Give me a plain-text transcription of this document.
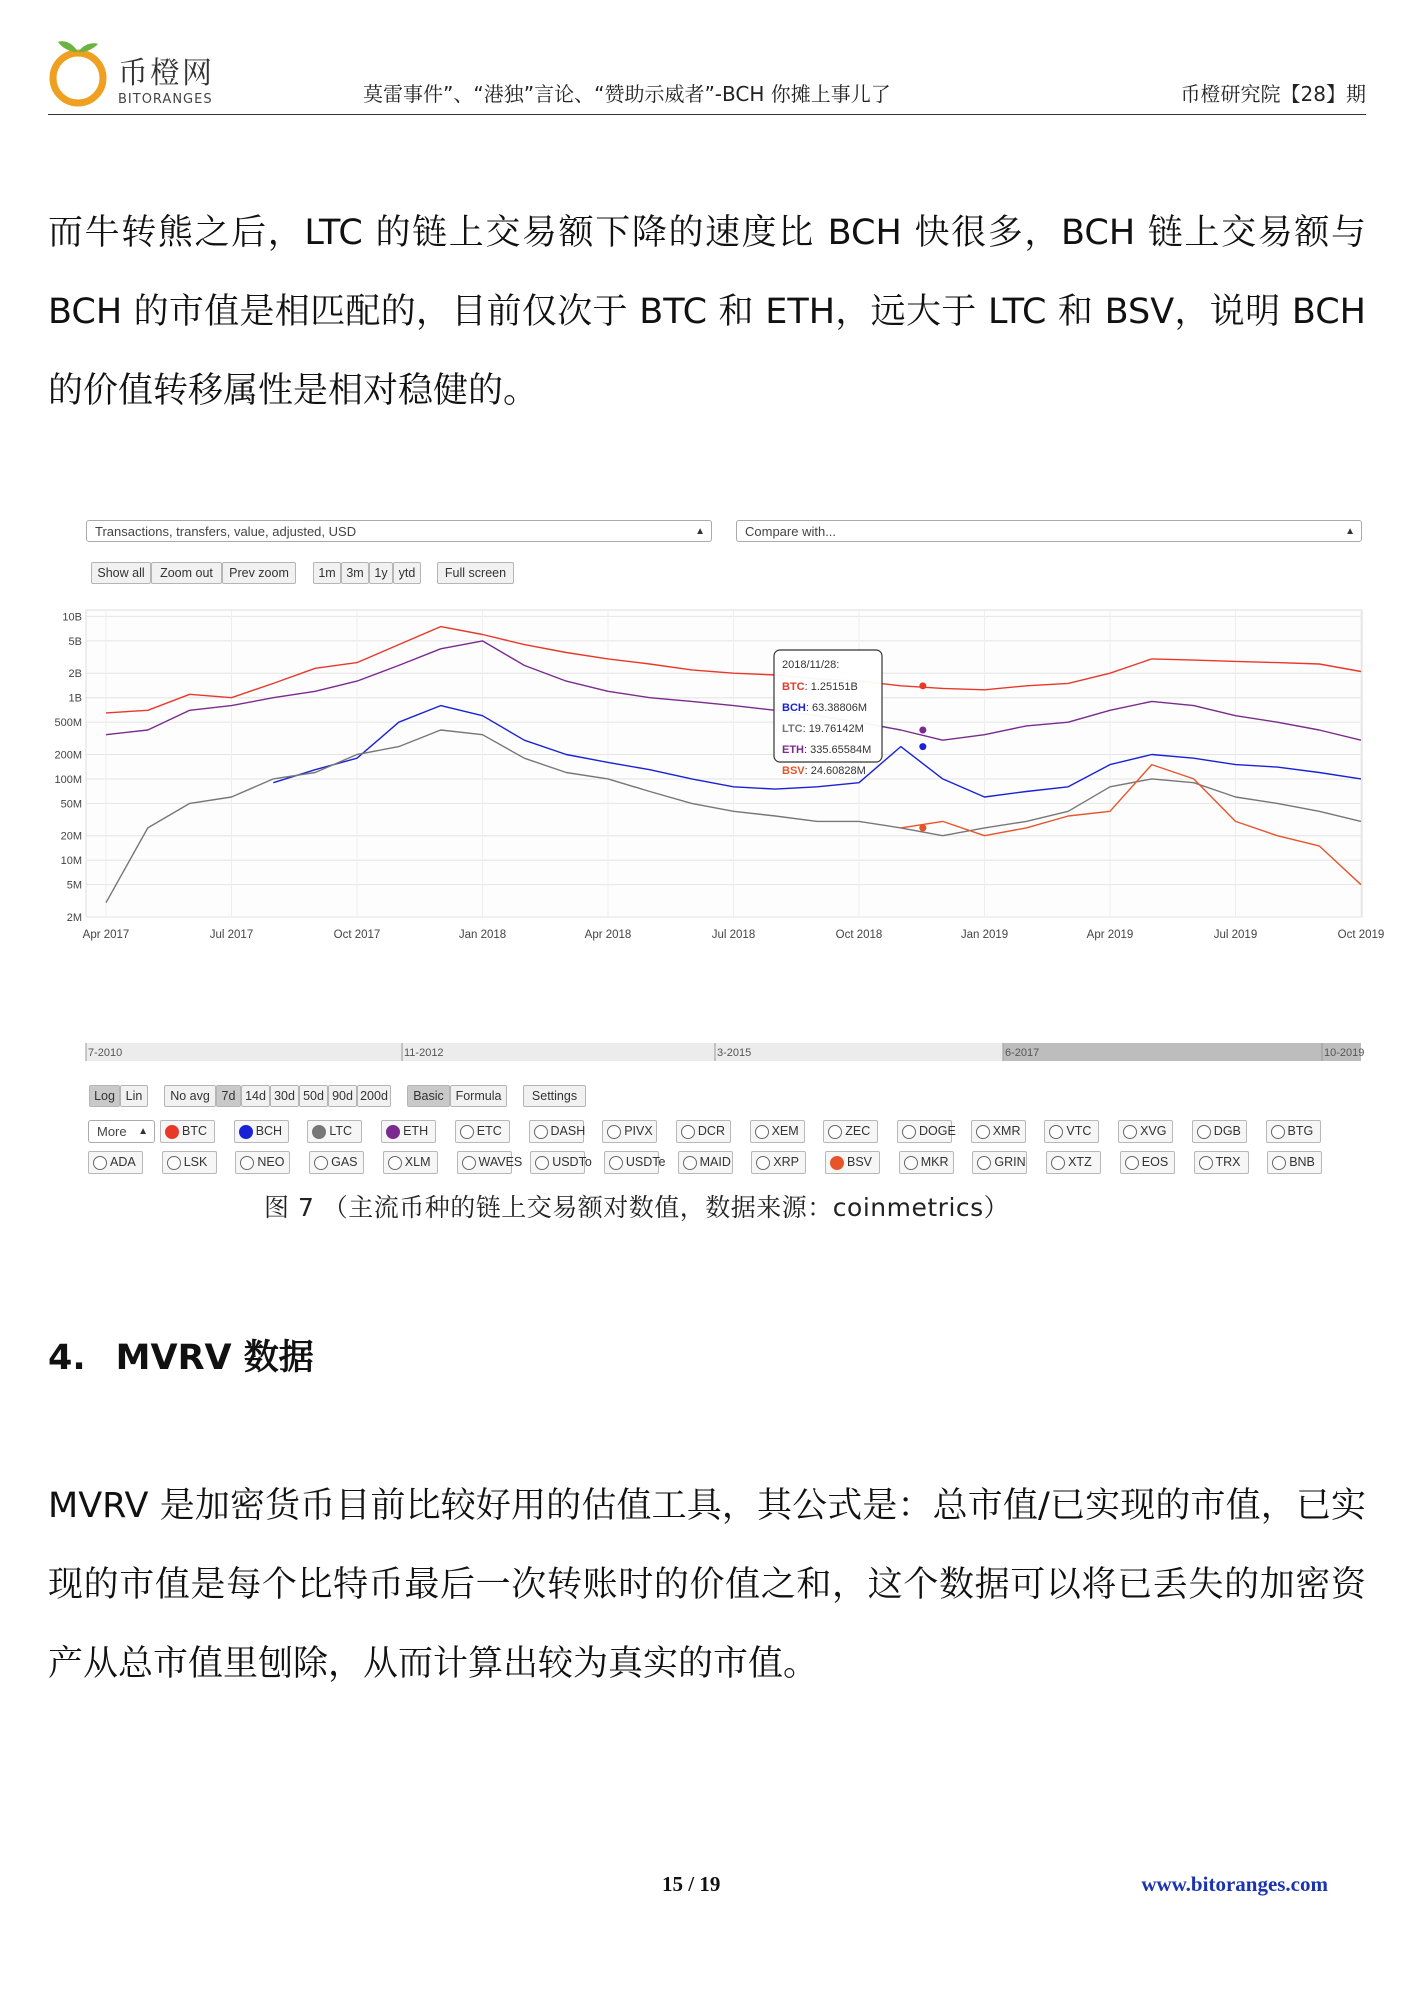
币橙网
BITORANGES	莫雷事件”、“港独”言论、“赞助示威者”-BCH 你摊上事儿了	币橙研究院【28】期
而牛转熊之后，LTC 的链上交易额下降的速度比 BCH 快很多，BCH 链上交易额与 BCH 的市值是相匹配的，目前仅次于 BTC 和 ETH，远大于 LTC 和 BSV，说明 BCH 的价值转移属性是相对稳健的。
Transactions, transfers, value, adjusted, USD	▲	Compare with...	▲

Show all	Zoom out	Prev zoom	1m 3m 1y ytd	Full screen
10B
5B
2B
1B
500M
200M
100M
50M
20M
10M
5M
2M
Apr 2017	Jul 2017	Oct 2017	Jan 2018	Apr 2018	Jul 2018	Oct 2018	Jan 2019	Apr 2019	Jul 2019	Oct 2019
2018/11/28:
BTC: 1.25151B
BCH: 63.38806M
LTC: 19.76142M
ETH: 335.65584M
BSV: 24.60828M
7-2010	11-2012	3-2015	6-2017	10-2019
Log Lin	No avg 7d 14d 30d 50d 90d 200d	Basic Formula	Settings
More ▲	BTC	BCH	LTC	ETH	ETC	DASH	PIVX	DCR	XEM	ZEC	DOGE	XMR	VTC	XVG	DGB	BTG
ADA	LSK	NEO	GAS	XLM	WAVES	USDTo	USDTe	MAID	XRP	BSV	MKR	GRIN	XTZ	EOS	TRX	BNB
图 7 （主流币种的链上交易额对数值，数据来源：coinmetrics）
4. MVRV 数据
MVRV 是加密货币目前比较好用的估值工具，其公式是：总市值/已实现的市值，已实现的市值是每个比特币最后一次转账时的价值之和，这个数据可以将已丢失的加密资产从总市值里刨除，从而计算出较为真实的市值。
15 / 19	www.bitoranges.com
